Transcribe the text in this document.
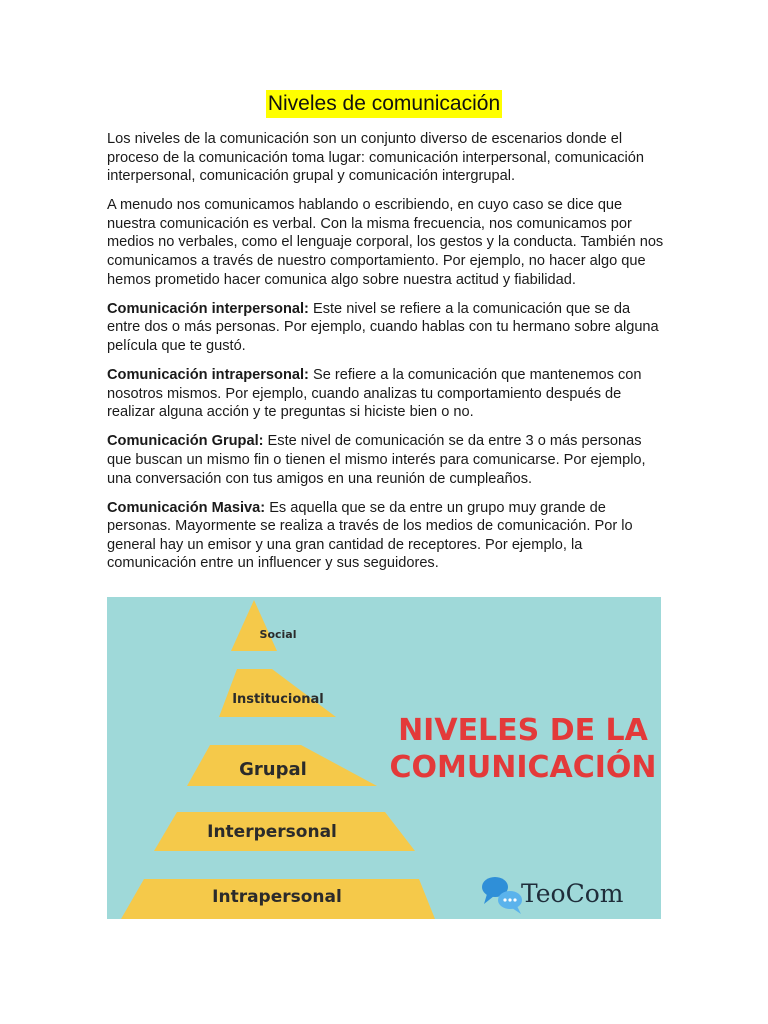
Niveles de comunicación

Los niveles de la comunicación son un conjunto diverso de escenarios donde el proceso de la comunicación toma lugar: comunicación interpersonal, comunicación interpersonal, comunicación grupal y comunicación intergrupal.

A menudo nos comunicamos hablando o escribiendo, en cuyo caso se dice que nuestra comunicación es verbal. Con la misma frecuencia, nos comunicamos por medios no verbales, como el lenguaje corporal, los gestos y la conducta. También nos comunicamos a través de nuestro comportamiento. Por ejemplo, no hacer algo que hemos prometido hacer comunica algo sobre nuestra actitud y fiabilidad.

Comunicación interpersonal: Este nivel se refiere a la comunicación que se da entre dos o más personas. Por ejemplo, cuando hablas con tu hermano sobre alguna película que te gustó.

Comunicación intrapersonal: Se refiere a la comunicación que mantenemos con nosotros mismos. Por ejemplo, cuando analizas tu comportamiento después de realizar alguna acción y te preguntas si hiciste bien o no.

Comunicación Grupal: Este nivel de comunicación se da entre 3 o más personas que buscan un mismo fin o tienen el mismo interés para comunicarse. Por ejemplo, una conversación con tus amigos en una reunión de cumpleaños.

Comunicación Masiva: Es aquella que se da entre un grupo muy grande de personas. Mayormente se realiza a través de los medios de comunicación. Por lo general hay un emisor y una gran cantidad de receptores. Por ejemplo, la comunicación entre un influencer y sus seguidores.

Social
Institucional
Grupal
Interpersonal
Intrapersonal
NIVELES DE LA
COMUNICACIÓN
TeoCom
